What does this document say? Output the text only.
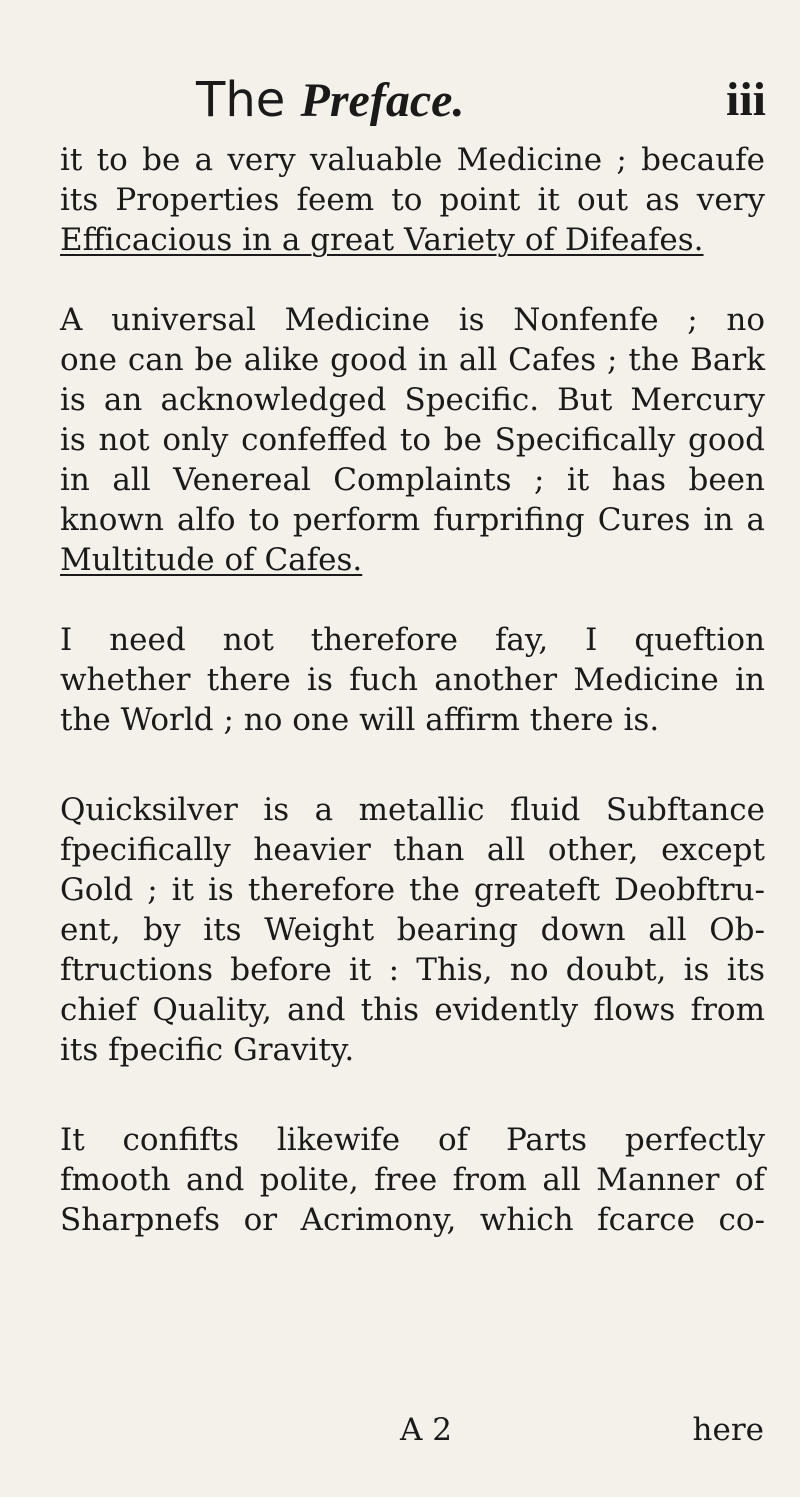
The Preface.	iii
it to be a very valuable Medicine ; becaufe
its Properties feem to point it out as very
Efficacious in a great Variety of Difeafes.
A universal Medicine is Nonfenfe ; no
one can be alike good in all Cafes ; the Bark
is an acknowledged Specific. But Mercury
is not only confeffed to be Specifically good
in all Venereal Complaints ; it has been
known alfo to perform furprifing Cures in a
Multitude of Cafes.
I need not therefore fay, I queftion
whether there is fuch another Medicine in
the World ; no one will affirm there is.
Quicksilver is a metallic fluid Subftance
fpecifically heavier than all other, except
Gold ; it is therefore the greateft Deobftru-
ent, by its Weight bearing down all Ob-
ftructions before it : This, no doubt, is its
chief Quality, and this evidently flows from
its fpecific Gravity.
It confifts likewife of Parts perfectly
fmooth and polite, free from all Manner of
Sharpnefs or Acrimony, which fcarce co-
A 2	here
